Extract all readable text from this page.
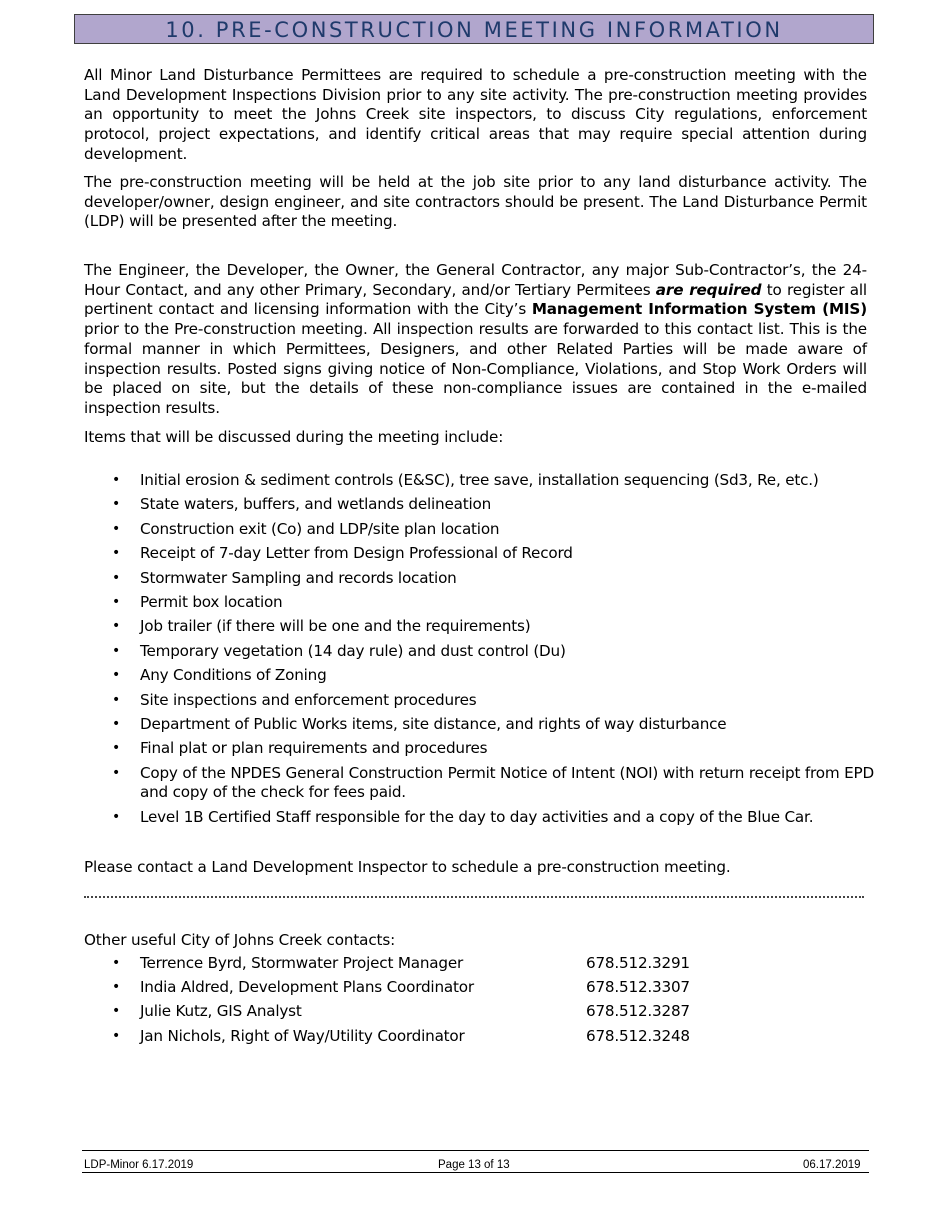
10. PRE-CONSTRUCTION MEETING INFORMATION
All Minor Land Disturbance Permittees are required to schedule a pre-construction meeting with the Land Development Inspections Division prior to any site activity. The pre-construction meeting provides an opportunity to meet the Johns Creek site inspectors, to discuss City regulations, enforcement protocol, project expectations, and identify critical areas that may require special attention during development.
The pre-construction meeting will be held at the job site prior to any land disturbance activity. The developer/owner, design engineer, and site contractors should be present. The Land Disturbance Permit (LDP) will be presented after the meeting.
The Engineer, the Developer, the Owner, the General Contractor, any major Sub-Contractor’s, the 24-Hour Contact, and any other Primary, Secondary, and/or Tertiary Permitees are required to register all pertinent contact and licensing information with the City’s Management Information System (MIS) prior to the Pre-construction meeting. All inspection results are forwarded to this contact list. This is the formal manner in which Permittees, Designers, and other Related Parties will be made aware of inspection results. Posted signs giving notice of Non-Compliance, Violations, and Stop Work Orders will be placed on site, but the details of these non-compliance issues are contained in the e-mailed inspection results.
Items that will be discussed during the meeting include:
• Initial erosion & sediment controls (E&SC), tree save, installation sequencing (Sd3, Re, etc.)
• State waters, buffers, and wetlands delineation
• Construction exit (Co) and LDP/site plan location
• Receipt of 7-day Letter from Design Professional of Record
• Stormwater Sampling and records location
• Permit box location
• Job trailer (if there will be one and the requirements)
• Temporary vegetation (14 day rule) and dust control (Du)
• Any Conditions of Zoning
• Site inspections and enforcement procedures
• Department of Public Works items, site distance, and rights of way disturbance
• Final plat or plan requirements and procedures
• Copy of the NPDES General Construction Permit Notice of Intent (NOI) with return receipt from EPD and copy of the check for fees paid.
• Level 1B Certified Staff responsible for the day to day activities and a copy of the Blue Car.
Please contact a Land Development Inspector to schedule a pre-construction meeting.
Other useful City of Johns Creek contacts:
• Terrence Byrd, Stormwater Project Manager	678.512.3291
• India Aldred, Development Plans Coordinator	678.512.3307
• Julie Kutz, GIS Analyst	678.512.3287
• Jan Nichols, Right of Way/Utility Coordinator	678.512.3248
LDP-Minor 6.17.2019	Page 13 of 13	06.17.2019
